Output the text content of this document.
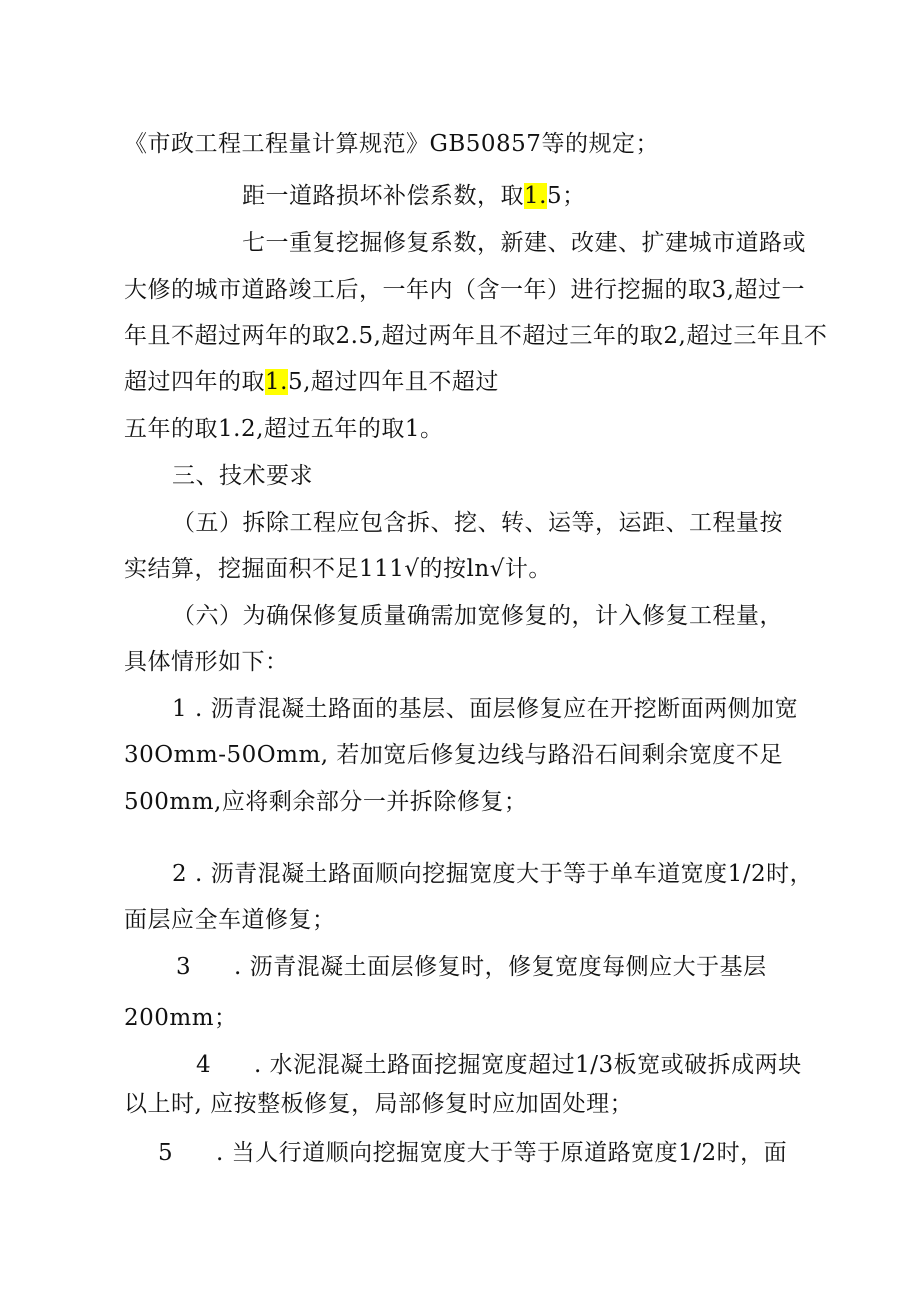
《市政工程工程量计算规范》GB50857等的规定；
距一道路损坏补偿系数，取1.5；
七一重复挖掘修复系数，新建、改建、扩建城市道路或
大修的城市道路竣工后，一年内（含一年）进行挖掘的取3,超过一
年且不超过两年的取2.5,超过两年且不超过三年的取2,超过三年且不
超过四年的取1.5,超过四年且不超过
五年的取1.2,超过五年的取1。
三、技术要求
（五）拆除工程应包含拆、挖、转、运等，运距、工程量按
实结算，挖掘面积不足111√的按ln√计。
（六）为确保修复质量确需加宽修复的，计入修复工程量，
具体情形如下：
1 . 沥青混凝土路面的基层、面层修复应在开挖断面两侧加宽
30Omm-50Omm, 若加宽后修复边线与路沿石间剩余宽度不足
500mm,应将剩余部分一并拆除修复；
2 . 沥青混凝土路面顺向挖掘宽度大于等于单车道宽度1/2时，
面层应全车道修复；
3 . 沥青混凝土面层修复时，修复宽度每侧应大于基层
200mm；
4 . 水泥混凝土路面挖掘宽度超过1/3板宽或破拆成两块
以上时, 应按整板修复，局部修复时应加固处理；
5 . 当人行道顺向挖掘宽度大于等于原道路宽度1/2时，面
